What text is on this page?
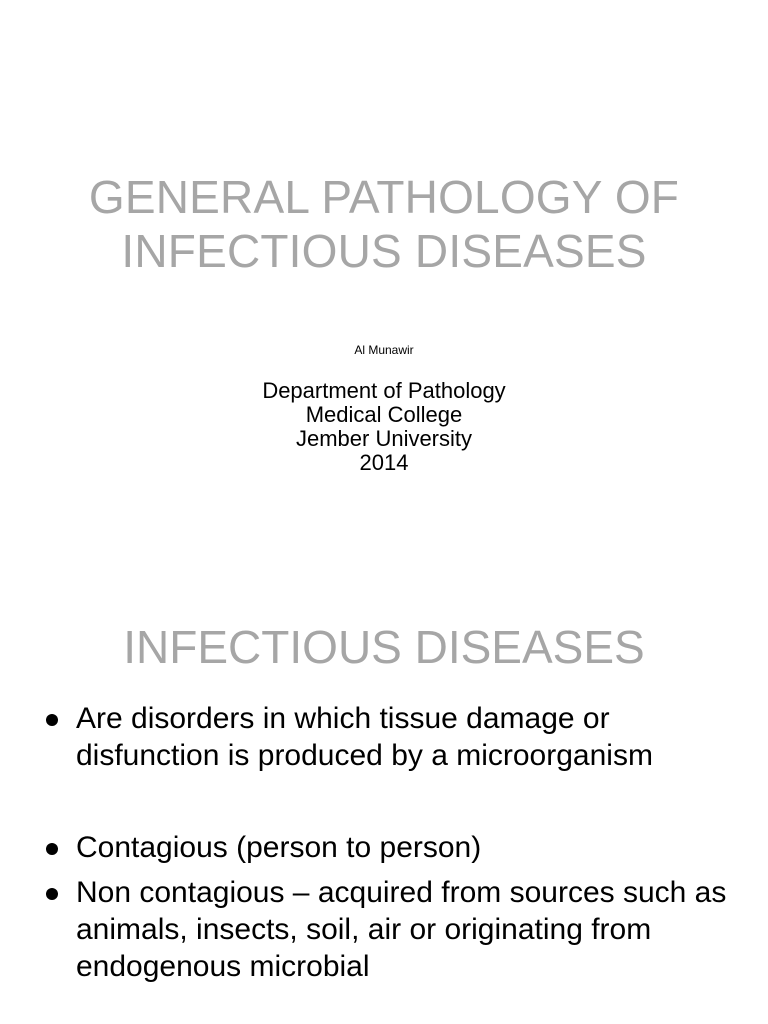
GENERAL PATHOLOGY OF
INFECTIOUS DISEASES
Al Munawir
Department of Pathology
Medical College
Jember University
2014
INFECTIOUS DISEASES
Are disorders in which tissue damage or disfunction is produced by a microorganism
Contagious (person to person)
Non contagious – acquired from sources such as animals, insects, soil, air or originating from endogenous microbial
